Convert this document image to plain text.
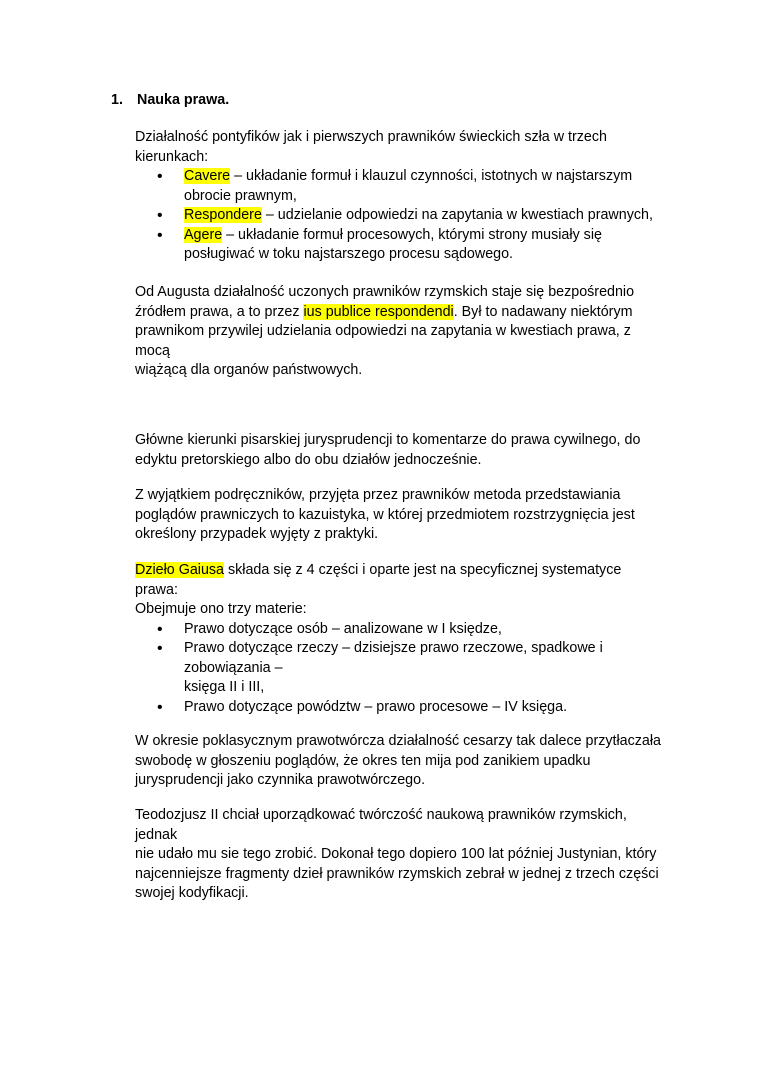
1. Nauka prawa.
Działalność pontyfików jak i pierwszych prawników świeckich szła w trzech
kierunkach:
• Cavere – układanie formuł i klauzul czynności, istotnych w najstarszym
obrocie prawnym,
• Respondere – udzielanie odpowiedzi na zapytania w kwestiach prawnych,
• Agere – układanie formuł procesowych, którymi strony musiały się
posługiwać w toku najstarszego procesu sądowego.
Od Augusta działalność uczonych prawników rzymskich staje się bezpośrednio
źródłem prawa, a to przez ius publice respondendi. Był to nadawany niektórym
prawnikom przywilej udzielania odpowiedzi na zapytania w kwestiach prawa, z mocą
wiążącą dla organów państwowych.
Główne kierunki pisarskiej jurysprudencji to komentarze do prawa cywilnego, do
edyktu pretorskiego albo do obu działów jednocześnie.
Z wyjątkiem podręczników, przyjęta przez prawników metoda przedstawiania
poglądów prawniczych to kazuistyka, w której przedmiotem rozstrzygnięcia jest
określony przypadek wyjęty z praktyki.
Dzieło Gaiusa składa się z 4 części i oparte jest na specyficznej systematyce prawa:
Obejmuje ono trzy materie:
• Prawo dotyczące osób – analizowane w I księdze,
• Prawo dotyczące rzeczy – dzisiejsze prawo rzeczowe, spadkowe i
zobowiązania –
księga II i III,
• Prawo dotyczące powództw – prawo procesowe – IV księga.
W okresie poklasycznym prawotwórcza działalność cesarzy tak dalece przytłaczała
swobodę w głoszeniu poglądów, że okres ten mija pod zanikiem upadku
jurysprudencji jako czynnika prawotwórczego.
Teodozjusz II chciał uporządkować twórczość naukową prawników rzymskich, jednak
nie udało mu sie tego zrobić. Dokonał tego dopiero 100 lat później Justynian, który
najcenniejsze fragmenty dzieł prawników rzymskich zebrał w jednej z trzech części
swojej kodyfikacji.
